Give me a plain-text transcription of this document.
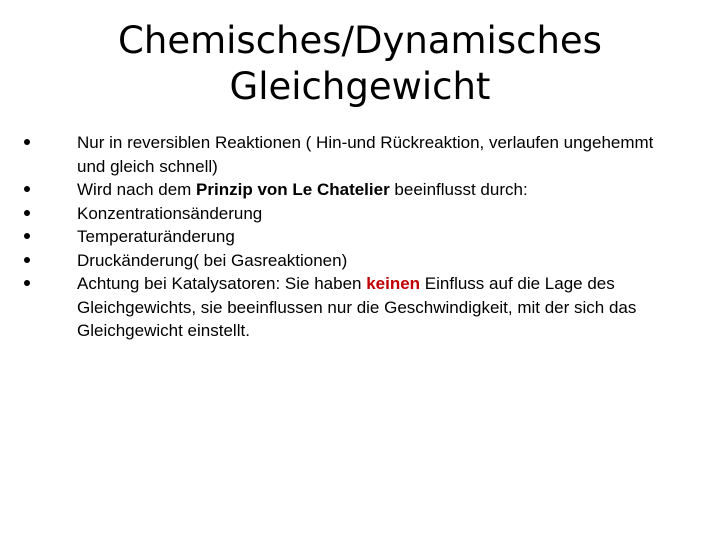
Chemisches/Dynamisches
Gleichgewicht
Nur in reversiblen Reaktionen ( Hin-und Rückreaktion, verlaufen ungehemmt und gleich schnell)
Wird nach dem Prinzip von Le Chatelier beeinflusst durch:
Konzentrationsänderung
Temperaturänderung
Druckänderung( bei Gasreaktionen)
Achtung bei Katalysatoren: Sie haben keinen Einfluss auf die Lage des Gleichgewichts, sie beeinflussen nur die Geschwindigkeit, mit der sich das Gleichgewicht einstellt.
